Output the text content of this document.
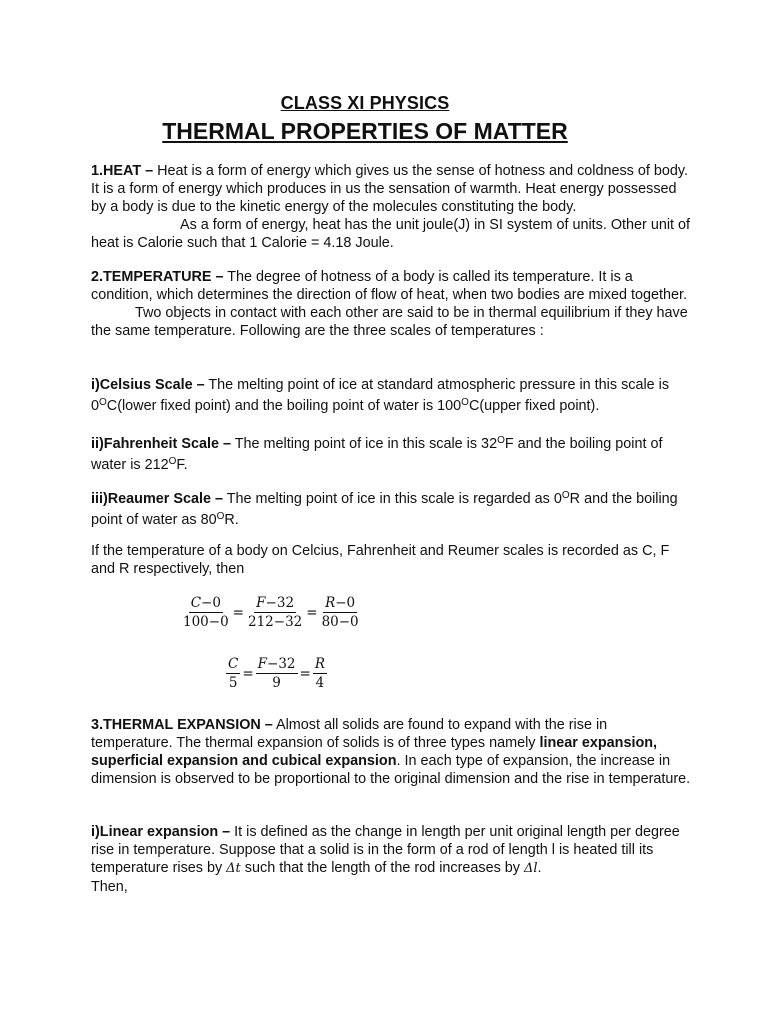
CLASS XI PHYSICS
THERMAL PROPERTIES OF MATTER

1.HEAT – Heat is a form of energy which gives us the sense of hotness and coldness of body. It is a form of energy which produces in us the sensation of warmth. Heat energy possessed by a body is due to the kinetic energy of the molecules constituting the body.
As a form of energy, heat has the unit joule(J) in SI system of units. Other unit of heat is Calorie such that 1 Calorie = 4.18 Joule.

2.TEMPERATURE – The degree of hotness of a body is called its temperature. It is a condition, which determines the direction of flow of heat, when two bodies are mixed together.
Two objects in contact with each other are said to be in thermal equilibrium if they have the same temperature. Following are the three scales of temperatures :

i)Celsius Scale – The melting point of ice at standard atmospheric pressure in this scale is $0^OC(lower$ fixed point) and the boiling point of water is $100^OC(upper$ fixed point).

ii)Fahrenheit Scale – The melting point of ice in this scale is $32^OF$ and the boiling point of water is $212^OF$.

iii)Reaumer Scale – The melting point of ice in this scale is regarded as $0^OR$ and the boiling point of water as $80^OR$.

If the temperature of a body on Celcius, Fahrenheit and Reumer scales is recorded as C, F and R respectively, then

$\frac{C-0}{100-0} = \frac{F-32}{212-32} = \frac{R-0}{80-0}$
$\frac{C}{5} = \frac{F-32}{9} = \frac{R}{4}$

3.THERMAL EXPANSION – Almost all solids are found to expand with the rise in temperature. The thermal expansion of solids is of three types namely linear expansion, superficial expansion and cubical expansion. In each type of expansion, the increase in dimension is observed to be proportional to the original dimension and the rise in temperature.

i)Linear expansion – It is defined as the change in length per unit original length per degree rise in temperature. Suppose that a solid is in the form of a rod of length l is heated till its temperature rises by Δt such that the length of the rod increases by Δl.
Then,
